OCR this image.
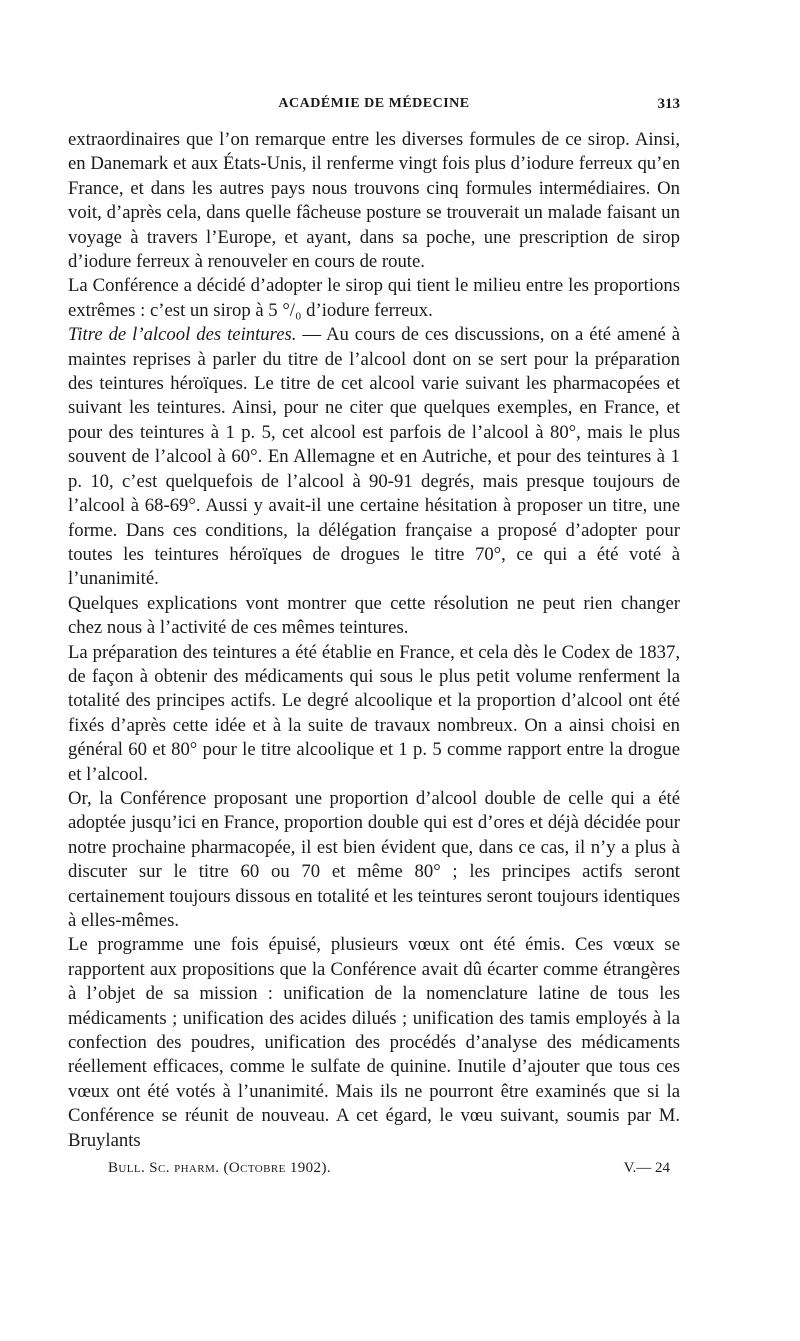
ACADÉMIE DE MÉDECINE	313

extraordinaires que l’on remarque entre les diverses formules de ce sirop. Ainsi, en Danemark et aux États-Unis, il renferme vingt fois plus d’iodure ferreux qu’en France, et dans les autres pays nous trouvons cinq formules intermédiaires. On voit, d’après cela, dans quelle fâcheuse posture se trouverait un malade faisant un voyage à travers l’Europe, et ayant, dans sa poche, une prescription de sirop d’iodure ferreux à renouveler en cours de route.

La Conférence a décidé d’adopter le sirop qui tient le milieu entre les proportions extrêmes : c’est un sirop à 5 °/₀ d’iodure ferreux.

Titre de l’alcool des teintures. — Au cours de ces discussions, on a été amené à maintes reprises à parler du titre de l’alcool dont on se sert pour la préparation des teintures héroïques. Le titre de cet alcool varie suivant les pharmacopées et suivant les teintures. Ainsi, pour ne citer que quelques exemples, en France, et pour des teintures à 1 p. 5, cet alcool est parfois de l’alcool à 80°, mais le plus souvent de l’alcool à 60°. En Allemagne et en Autriche, et pour des teintures à 1 p. 10, c’est quelquefois de l’alcool à 90-91 degrés, mais presque toujours de l’alcool à 68-69°. Aussi y avait-il une certaine hésitation à proposer un titre, une forme. Dans ces conditions, la délégation française a proposé d’adopter pour toutes les teintures héroïques de drogues le titre 70°, ce qui a été voté à l’unanimité.

Quelques explications vont montrer que cette résolution ne peut rien changer chez nous à l’activité de ces mêmes teintures.

La préparation des teintures a été établie en France, et cela dès le Codex de 1837, de façon à obtenir des médicaments qui sous le plus petit volume renferment la totalité des principes actifs. Le degré alcoolique et la proportion d’alcool ont été fixés d’après cette idée et à la suite de travaux nombreux. On a ainsi choisi en général 60 et 80° pour le titre alcoolique et 1 p. 5 comme rapport entre la drogue et l’alcool.

Or, la Conférence proposant une proportion d’alcool double de celle qui a été adoptée jusqu’ici en France, proportion double qui est d’ores et déjà décidée pour notre prochaine pharmacopée, il est bien évident que, dans ce cas, il n’y a plus à discuter sur le titre 60 ou 70 et même 80° ; les principes actifs seront certainement toujours dissous en totalité et les teintures seront toujours identiques à elles-mêmes.

Le programme une fois épuisé, plusieurs vœux ont été émis. Ces vœux se rapportent aux propositions que la Conférence avait dû écarter comme étrangères à l’objet de sa mission : unification de la nomenclature latine de tous les médicaments ; unification des acides dilués ; unification des tamis employés à la confection des poudres, unification des procédés d’analyse des médicaments réellement efficaces, comme le sulfate de quinine. Inutile d’ajouter que tous ces vœux ont été votés à l’unanimité. Mais ils ne pourront être examinés que si la Conférence se réunit de nouveau. A cet égard, le vœu suivant, soumis par M. Bruylants

Bull. Sc. pharm. (Octobre 1902).	V.— 24
